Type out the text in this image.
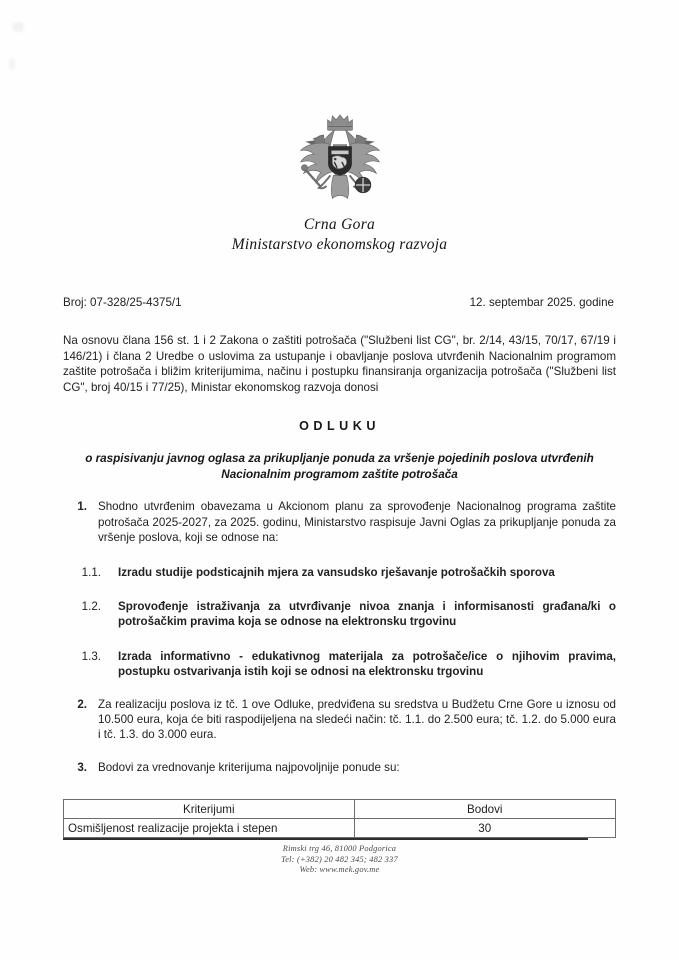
Crna Gora
Ministarstvo ekonomskog razvoja
Broj: 07-328/25-4375/1	12. septembar 2025. godine
Na osnovu člana 156 st. 1 i 2 Zakona o zaštiti potrošača ("Službeni list CG", br. 2/14, 43/15, 70/17, 67/19 i 146/21) i člana 2 Uredbe o uslovima za ustupanje i obavljanje poslova utvrđenih Nacionalnim programom zaštite potrošača i bližim kriterijumima, načinu i postupku finansiranja organizacija potrošača ("Službeni list CG", broj 40/15 i 77/25), Ministar ekonomskog razvoja donosi
ODLUKU
o raspisivanju javnog oglasa za prikupljanje ponuda za vršenje pojedinih poslova utvrđenih Nacionalnim programom zaštite potrošača
1. Shodno utvrđenim obavezama u Akcionom planu za sprovođenje Nacionalnog programa zaštite potrošača 2025-2027, za 2025. godinu, Ministarstvo raspisuje Javni Oglas za prikupljanje ponuda za vršenje poslova, koji se odnose na:
1.1. Izradu studije podsticajnih mjera za vansudsko rješavanje potrošačkih sporova
1.2. Sprovođenje istraživanja za utvrđivanje nivoa znanja i informisanosti građana/ki o potrošačkim pravima koja se odnose na elektronsku trgovinu
1.3. Izrada informativno - edukativnog materijala za potrošače/ice o njihovim pravima, postupku ostvarivanja istih koji se odnosi na elektronsku trgovinu
2. Za realizaciju poslova iz tč. 1 ove Odluke, predviđena su sredstva u Budžetu Crne Gore u iznosu od 10.500 eura, koja će biti raspodijeljena na sledeći način: tč. 1.1. do 2.500 eura; tč. 1.2. do 5.000 eura i tč. 1.3. do 3.000 eura.
3. Bodovi za vrednovanje kriterijuma najpovoljnije ponude su:
Kriterijumi	Bodovi
Osmišljenost realizacije projekta i stepen	30
Rimski trg 46, 81000 Podgorica
Tel: (+382) 20 482 345; 482 337
Web: www.mek.gov.me
